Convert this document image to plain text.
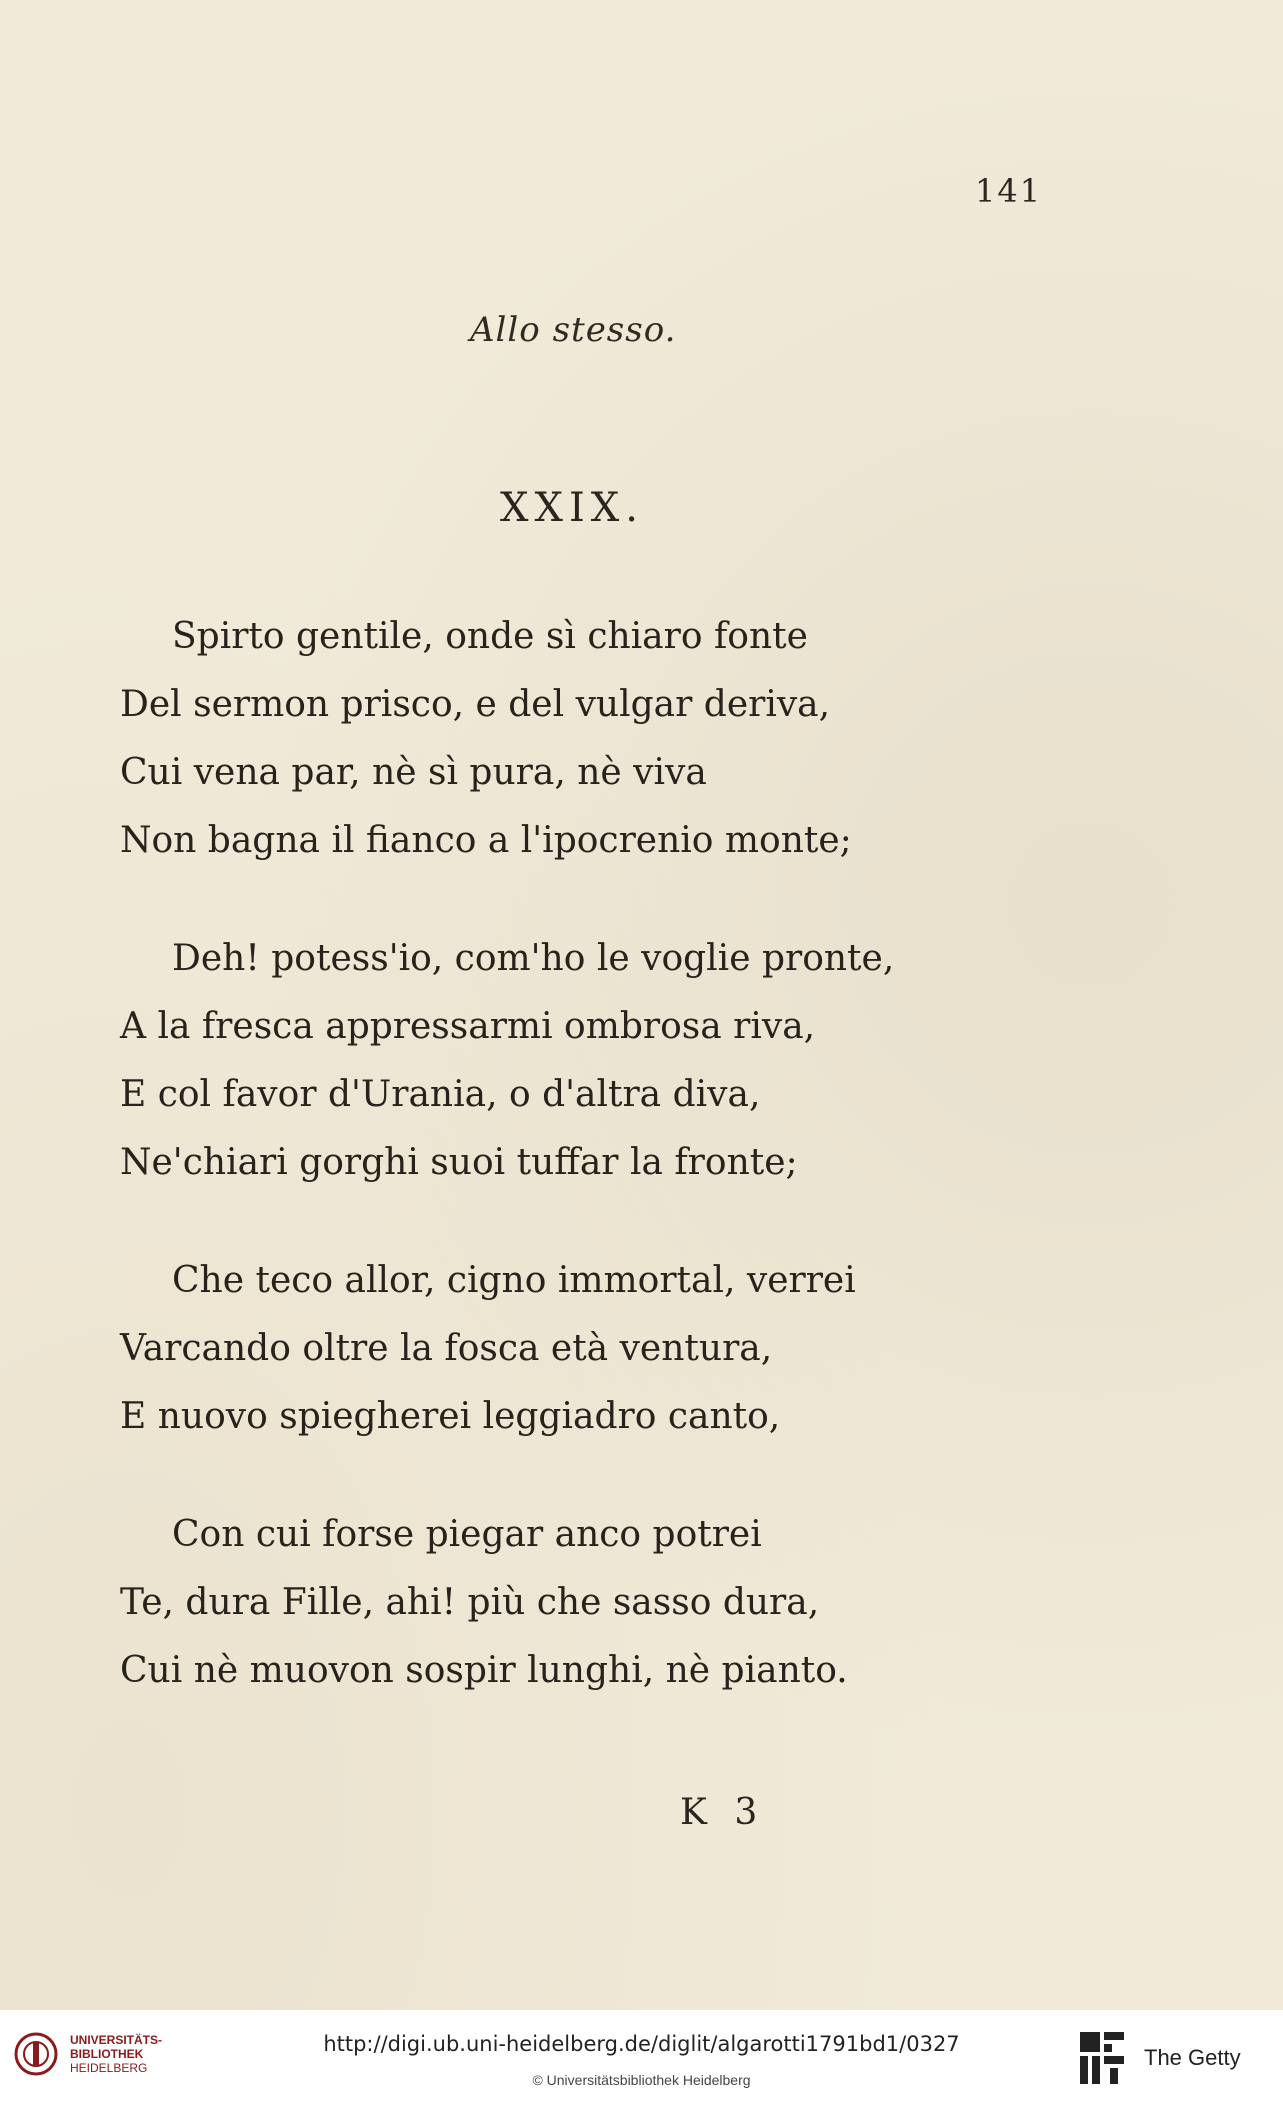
141
Allo stesso.
XXIX.
Spirto gentile, onde sì chiaro fonte
Del sermon prisco, e del vulgar deriva,
Cui vena par, nè sì pura, nè viva
Non bagna il fianco a l'ipocrenio monte;
Deh! potess'io, com'ho le voglie pronte,
A la fresca appressarmi ombrosa riva,
E col favor d'Urania, o d'altra diva,
Ne'chiari gorghi suoi tuffar la fronte;
Che teco allor, cigno immortal, verrei
Varcando oltre la fosca età ventura,
E nuovo spiegherei leggiadro canto,
Con cui forse piegar anco potrei
Te, dura Fille, ahi! più che sasso dura,
Cui nè muovon sospir lunghi, nè pianto.
K 3
UNIVERSITÄTS-
BIBLIOTHEK
HEIDELBERG
http://digi.ub.uni-heidelberg.de/diglit/algarotti1791bd1/0327
© Universitätsbibliothek Heidelberg
The Getty
